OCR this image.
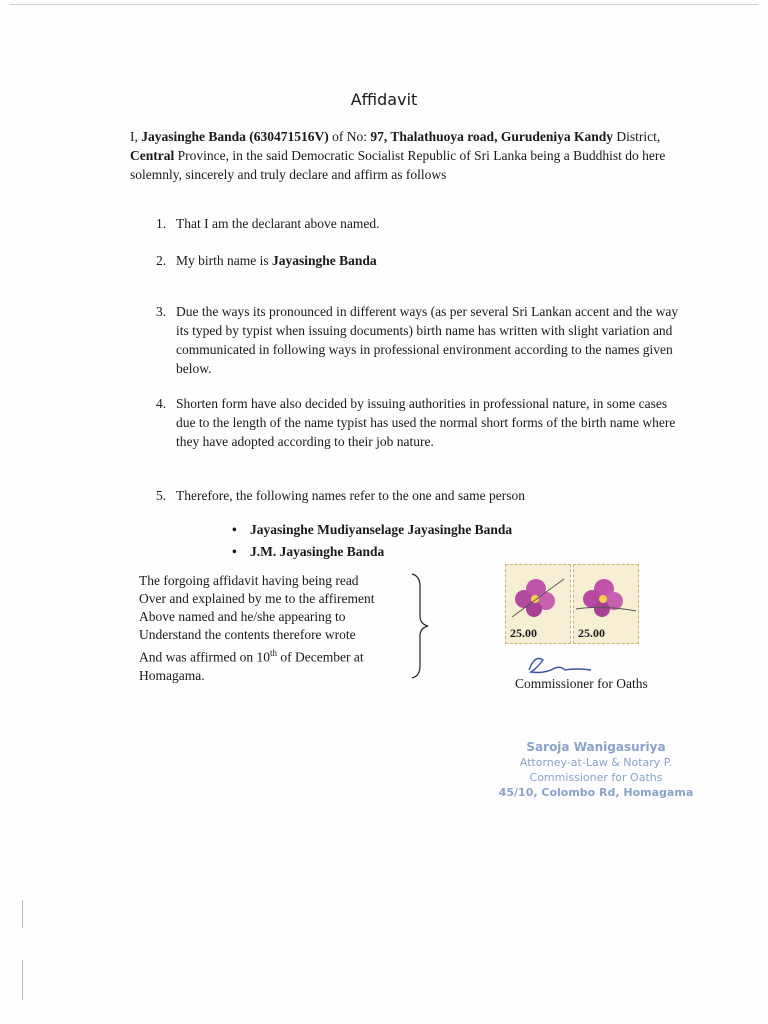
Affidavit
I, Jayasinghe Banda (630471516V) of No: 97, Thalathuoya road, Gurudeniya Kandy District, Central Province, in the said Democratic Socialist Republic of Sri Lanka being a Buddhist do here solemnly, sincerely and truly declare and affirm as follows
1. That I am the declarant above named.
2. My birth name is Jayasinghe Banda
3. Due the ways its pronounced in different ways (as per several Sri Lankan accent and the way its typed by typist when issuing documents) birth name has written with slight variation and communicated in following ways in professional environment according to the names given below.
4. Shorten form have also decided by issuing authorities in professional nature, in some cases due to the length of the name typist has used the normal short forms of the birth name where they have adopted according to their job nature.
5. Therefore, the following names refer to the one and same person
• Jayasinghe Mudiyanselage Jayasinghe Banda
• J.M. Jayasinghe Banda
The forgoing affidavit having being read
Over and explained by me to the affirement
Above named and he/she appearing to
Understand the contents therefore wrote
And was affirmed on 10th of December at
Homagama.
25.00	25.00
Commissioner for Oaths
Saroja Wanigasuriya
Attorney-at-Law & Notary P.
Commissioner for Oaths
45/10, Colombo Rd, Homagama
